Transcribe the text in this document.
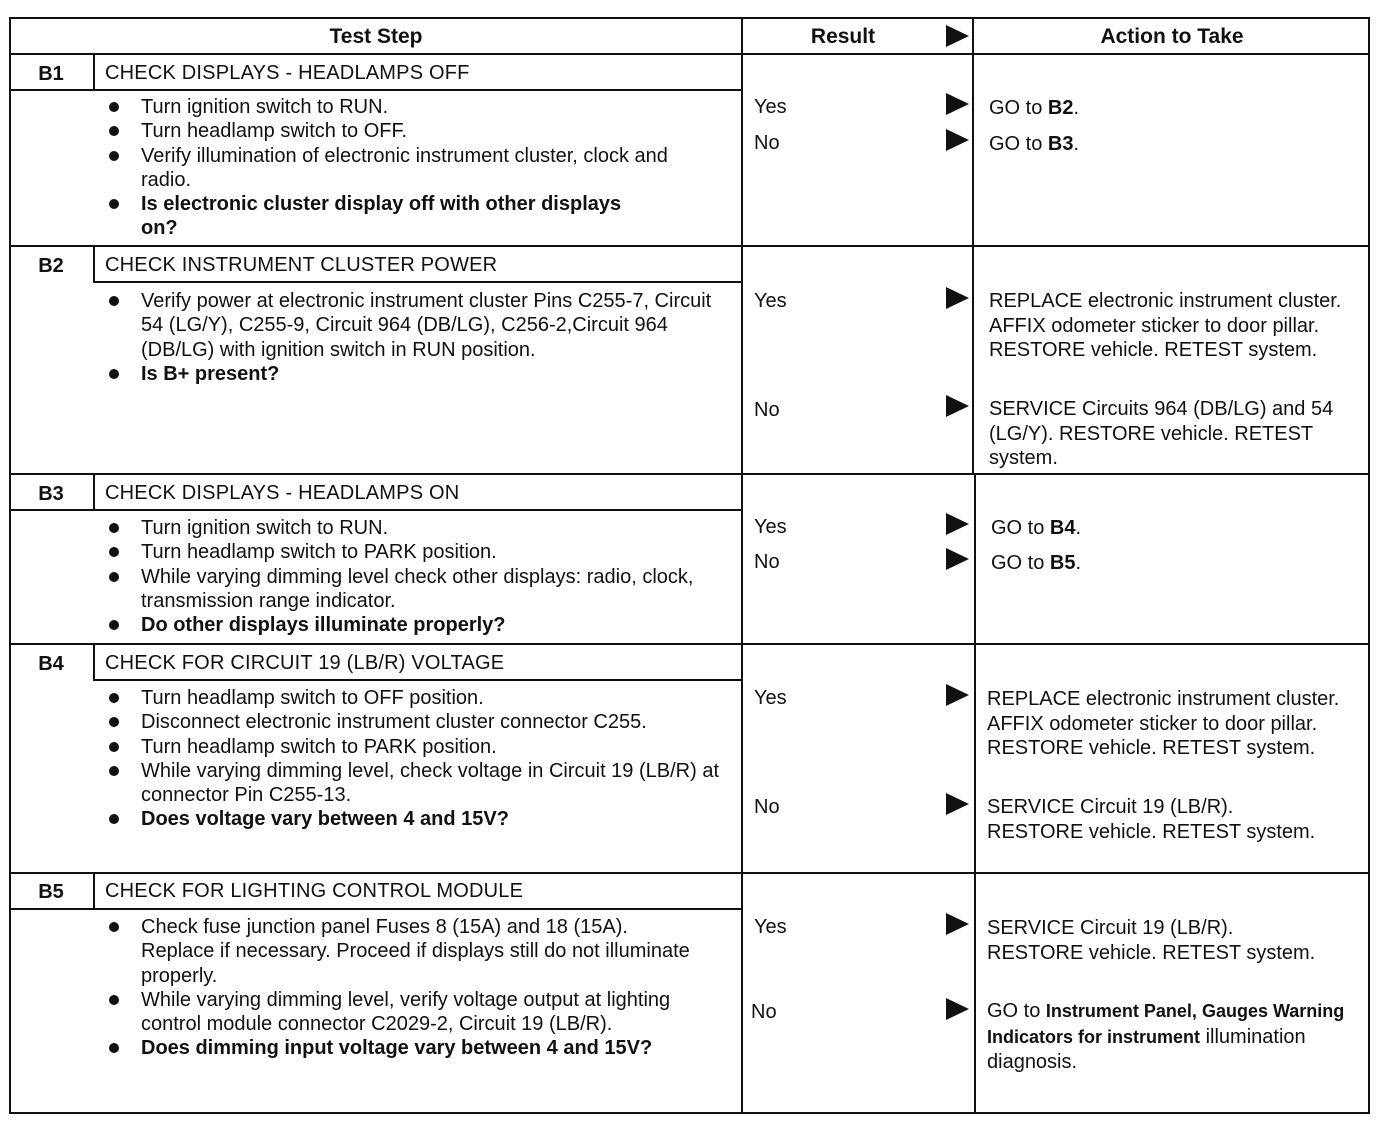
Test Step	Result	Action to Take
B1	CHECK DISPLAYS - HEADLAMPS OFF
Turn ignition switch to RUN.
Turn headlamp switch to OFF.
Verify illumination of electronic instrument cluster, clock and radio.
Is electronic cluster display off with other displays on?
Yes	GO to B2.
No	GO to B3.
B2	CHECK INSTRUMENT CLUSTER POWER
Verify power at electronic instrument cluster Pins C255-7, Circuit 54 (LG/Y), C255-9, Circuit 964 (DB/LG), C256-2,Circuit 964 (DB/LG) with ignition switch in RUN position.
Is B+ present?
Yes	REPLACE electronic instrument cluster. AFFIX odometer sticker to door pillar. RESTORE vehicle. RETEST system.
No	SERVICE Circuits 964 (DB/LG) and 54 (LG/Y). RESTORE vehicle. RETEST system.
B3	CHECK DISPLAYS - HEADLAMPS ON
Turn ignition switch to RUN.
Turn headlamp switch to PARK position.
While varying dimming level check other displays: radio, clock, transmission range indicator.
Do other displays illuminate properly?
Yes	GO to B4.
No	GO to B5.
B4	CHECK FOR CIRCUIT 19 (LB/R) VOLTAGE
Turn headlamp switch to OFF position.
Disconnect electronic instrument cluster connector C255.
Turn headlamp switch to PARK position.
While varying dimming level, check voltage in Circuit 19 (LB/R) at connector Pin C255-13.
Does voltage vary between 4 and 15V?
Yes	REPLACE electronic instrument cluster. AFFIX odometer sticker to door pillar. RESTORE vehicle. RETEST system.
No	SERVICE Circuit 19 (LB/R). RESTORE vehicle. RETEST system.
B5	CHECK FOR LIGHTING CONTROL MODULE
Check fuse junction panel Fuses 8 (15A) and 18 (15A). Replace if necessary. Proceed if displays still do not illuminate properly.
While varying dimming level, verify voltage output at lighting control module connector C2029-2, Circuit 19 (LB/R).
Does dimming input voltage vary between 4 and 15V?
Yes	SERVICE Circuit 19 (LB/R). RESTORE vehicle. RETEST system.
No	GO to Instrument Panel, Gauges Warning Indicators for instrument illumination diagnosis.
